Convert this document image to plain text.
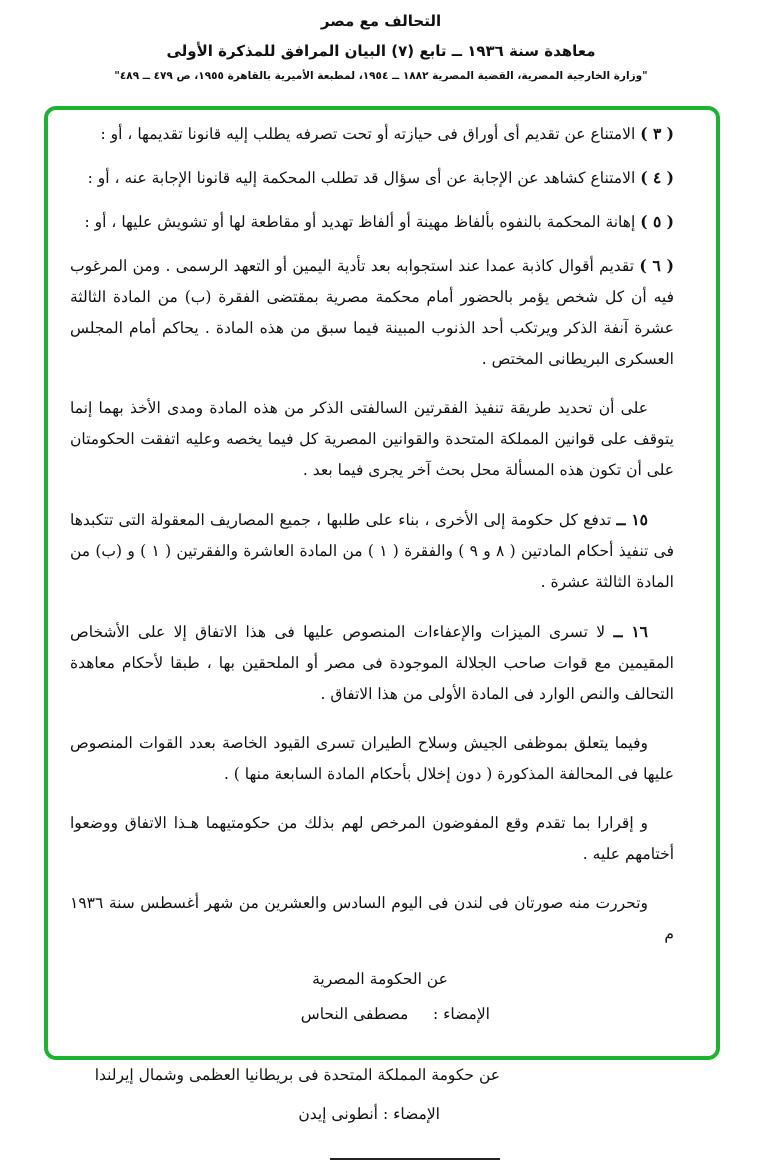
التحالف مع مصر
معاهدة سنة ١٩٣٦ ــ تابع (٧) البيان المرافق للمذكرة الأولى
"وزارة الخارجية المصرية، القضية المصرية ١٨٨٢ ــ ١٩٥٤، لمطبعة الأميرية بالقاهرة ١٩٥٥، ص ٤٧٩ ــ ٤٨٩"

( ٣ ) الامتناع عن تقديم أى أوراق فى حيازته أو تحت تصرفه يطلب إليه قانونا تقديمها ، أو :

( ٤ ) الامتناع كشاهد عن الإجابة عن أى سؤال قد تطلب المحكمة إليه قانونا الإجابة عنه ، أو :

( ٥ ) إهانة المحكمة بالنفوه بألفاظ مهينة أو ألفاظ تهديد أو مقاطعة لها أو تشويش عليها ، أو :

( ٦ ) تقديم أقوال كاذبة عمدا عند استجوابه بعد تأدية اليمين أو التعهد الرسمى . ومن المرغوب فيه أن كل شخص يؤمر بالحضور أمام محكمة مصرية بمقتضى الفقرة (ب) من المادة الثالثة عشرة آنفة الذكر ويرتكب أحد الذنوب المبينة فيما سبق من هذه المادة . يحاكم أمام المجلس العسكرى البريطانى المختص .

على أن تحديد طريقة تنفيذ الفقرتين السالفتى الذكر من هذه المادة ومدى الأخذ بهما إنما يتوقف على قوانين المملكة المتحدة والقوانين المصرية كل فيما يخصه وعليه اتفقت الحكومتان على أن تكون هذه المسألة محل بحث آخر يجرى فيما بعد .

١٥ ــ تدفع كل حكومة إلى الأخرى ، بناء على طلبها ، جميع المصاريف المعقولة التى تتكبدها فى تنفيذ أحكام المادتين ( ٨ و ٩ ) والفقرة ( ١ ) من المادة العاشرة والفقرتين ( ١ ) و (ب) من المادة الثالثة عشرة .

١٦ ــ لا تسرى الميزات والإعفاءات المنصوص عليها فى هذا الاتفاق إلا على الأشخاص المقيمين مع قوات صاحب الجلالة الموجودة فى مصر أو الملحقين بها ، طبقا لأحكام معاهدة التحالف والنص الوارد فى المادة الأولى من هذا الاتفاق .

وفيما يتعلق بموظفى الجيش وسلاح الطيران تسرى القيود الخاصة بعدد القوات المنصوص عليها فى المحالفة المذكورة ( دون إخلال بأحكام المادة السابعة منها ) .

و إقرارا بما تقدم وقع المفوضون المرخص لهم بذلك من حكومتيهما هـذا الاتفاق ووضعوا أختامهم عليه .

وتحررت منه صورتان فى لندن فى اليوم السادس والعشرين من شهر أغسطس سنة ١٩٣٦ م

عن الحكومة المصرية

الإمضاء :     مصطفى النحاس

عن حكومة المملكة المتحدة فى بريطانيا العظمى وشمال إيرلندا

الإمضاء : أنطونى إيدن
